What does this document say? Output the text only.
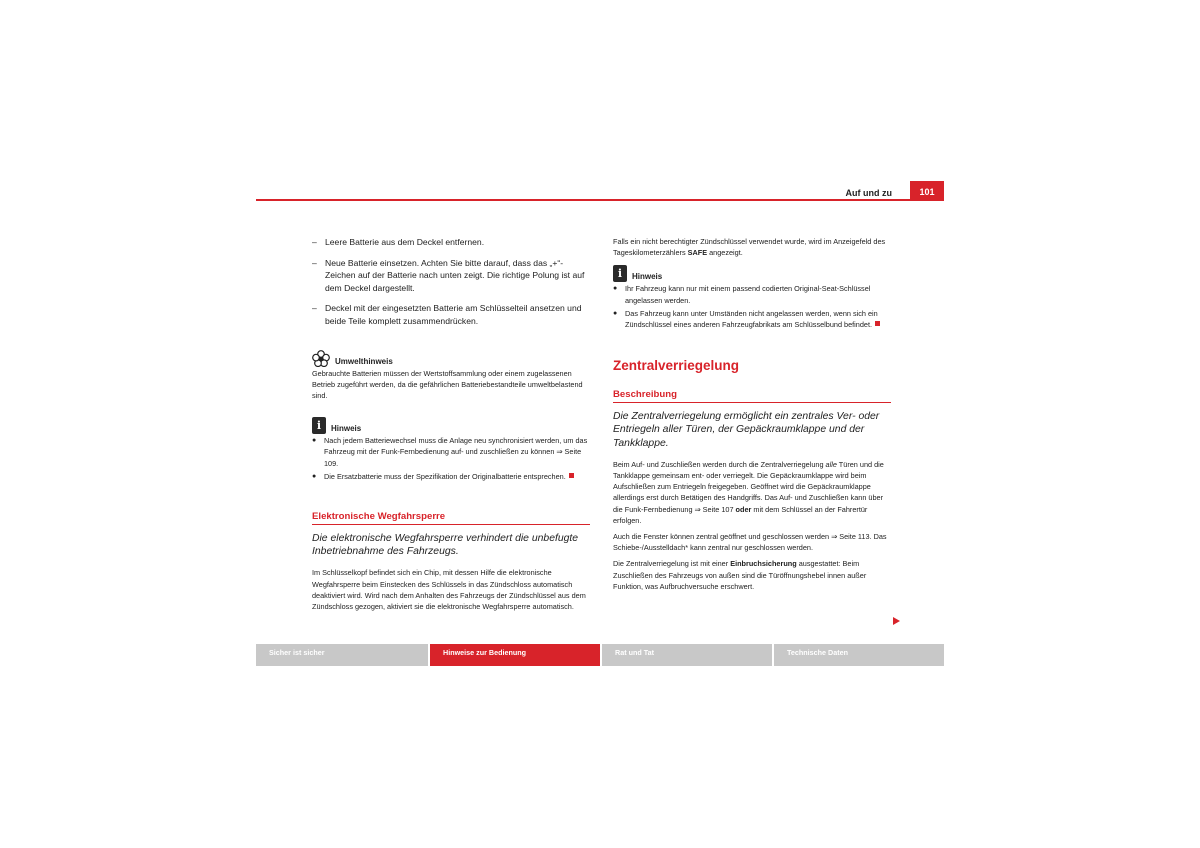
Auf und zu	101
– Leere Batterie aus dem Deckel entfernen.
– Neue Batterie einsetzen. Achten Sie bitte darauf, dass das „+“-Zeichen auf der Batterie nach unten zeigt. Die richtige Polung ist auf dem Deckel dargestellt.
– Deckel mit der eingesetzten Batterie am Schlüsselteil ansetzen und beide Teile komplett zusammendrücken.
Umwelthinweis
Gebrauchte Batterien müssen der Wertstoffsammlung oder einem zugelassenen Betrieb zugeführt werden, da die gefährlichen Batteriebestandteile umweltbelastend sind.
i	Hinweis
●	Nach jedem Batteriewechsel muss die Anlage neu synchronisiert werden, um das Fahrzeug mit der Funk-Fernbedienung auf- und zuschließen zu können ⇒ Seite 109.
●	Die Ersatzbatterie muss der Spezifikation der Originalbatterie entsprechen.
Elektronische Wegfahrsperre
Die elektronische Wegfahrsperre verhindert die unbefugte Inbetriebnahme des Fahrzeugs.
Im Schlüsselkopf befindet sich ein Chip, mit dessen Hilfe die elektronische Wegfahrsperre beim Einstecken des Schlüssels in das Zündschloss automatisch deaktiviert wird. Wird nach dem Anhalten des Fahrzeugs der Zündschlüssel aus dem Zündschloss gezogen, aktiviert sie die elektronische Wegfahrsperre automatisch.
Falls ein nicht berechtigter Zündschlüssel verwendet wurde, wird im Anzeigefeld des Tageskilometerzählers SAFE angezeigt.
i	Hinweis
●	Ihr Fahrzeug kann nur mit einem passend codierten Original-Seat-Schlüssel angelassen werden.
●	Das Fahrzeug kann unter Umständen nicht angelassen werden, wenn sich ein Zündschlüssel eines anderen Fahrzeugfabrikats am Schlüsselbund befindet.
Zentralverriegelung
Beschreibung
Die Zentralverriegelung ermöglicht ein zentrales Ver- oder Entriegeln aller Türen, der Gepäckraumklappe und der Tankklappe.
Beim Auf- und Zuschließen werden durch die Zentralverriegelung alle Türen und die Tankklappe gemeinsam ent- oder verriegelt. Die Gepäckraumklappe wird beim Aufschließen zum Entriegeln freigegeben. Geöffnet wird die Gepäckraumklappe allerdings erst durch Betätigen des Handgriffs. Das Auf- und Zuschließen kann über die Funk-Fernbedienung ⇒ Seite 107 oder mit dem Schlüssel an der Fahrertür erfolgen.
Auch die Fenster können zentral geöffnet und geschlossen werden ⇒ Seite 113. Das Schiebe-/Ausstelldach* kann zentral nur geschlossen werden.
Die Zentralverriegelung ist mit einer Einbruchsicherung ausgestattet: Beim Zuschließen des Fahrzeugs von außen sind die Türöffnungshebel innen außer Funktion, was Aufbruchversuche erschwert.
Sicher ist sicher	Hinweise zur Bedienung	Rat und Tat	Technische Daten
